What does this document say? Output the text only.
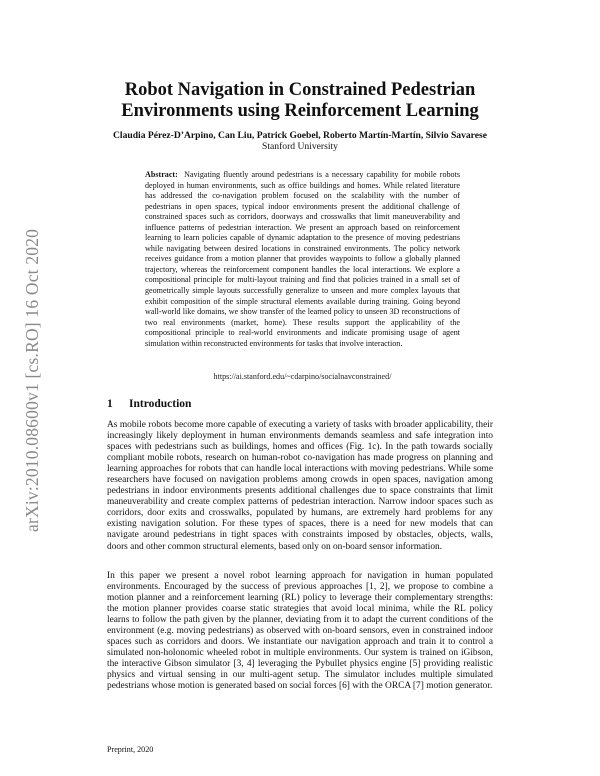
arXiv:2010.08600v1 [cs.RO] 16 Oct 2020
Robot Navigation in Constrained Pedestrian
Environments using Reinforcement Learning
Claudia Pérez-D’Arpino, Can Liu, Patrick Goebel, Roberto Martín-Martín, Silvio Savarese
Stanford University

Abstract: Navigating fluently around pedestrians is a necessary capability for mobile robots deployed in human environments, such as office buildings and homes. While related literature has addressed the co-navigation problem focused on the scalability with the number of pedestrians in open spaces, typical indoor environments present the additional challenge of constrained spaces such as corridors, doorways and crosswalks that limit maneuverability and influence patterns of pedestrian interaction. We present an approach based on reinforcement learning to learn policies capable of dynamic adaptation to the presence of moving pedestrians while navigating between desired locations in constrained environments. The policy network receives guidance from a motion planner that provides waypoints to follow a globally planned trajectory, whereas the reinforcement component handles the local interactions. We explore a compositional principle for multi-layout training and find that policies trained in a small set of geometrically simple layouts successfully generalize to unseen and more complex layouts that exhibit composition of the simple structural elements available during training. Going beyond wall-world like domains, we show transfer of the learned policy to unseen 3D reconstructions of two real environments (market, home). These results support the applicability of the compositional principle to real-world environments and indicate promising usage of agent simulation within reconstructed environments for tasks that involve interaction.

https://ai.stanford.edu/~cdarpino/socialnavconstrained/
1 Introduction

As mobile robots become more capable of executing a variety of tasks with broader applicability, their increasingly likely deployment in human environments demands seamless and safe integration into spaces with pedestrians such as buildings, homes and offices (Fig. 1c). In the path towards socially compliant mobile robots, research on human-robot co-navigation has made progress on planning and learning approaches for robots that can handle local interactions with moving pedestrians. While some researchers have focused on navigation problems among crowds in open spaces, navigation among pedestrians in indoor environments presents additional challenges due to space constraints that limit maneuverability and create complex patterns of pedestrian interaction. Narrow indoor spaces such as corridors, door exits and crosswalks, populated by humans, are extremely hard problems for any existing navigation solution. For these types of spaces, there is a need for new models that can navigate around pedestrians in tight spaces with constraints imposed by obstacles, objects, walls, doors and other common structural elements, based only on on-board sensor information.

In this paper we present a novel robot learning approach for navigation in human populated environments. Encouraged by the success of previous approaches [1, 2], we propose to combine a motion planner and a reinforcement learning (RL) policy to leverage their complementary strengths: the motion planner provides coarse static strategies that avoid local minima, while the RL policy learns to follow the path given by the planner, deviating from it to adapt the current conditions of the environment (e.g. moving pedestrians) as observed with on-board sensors, even in constrained indoor spaces such as corridors and doors. We instantiate our navigation approach and train it to control a simulated non-holonomic wheeled robot in multiple environments. Our system is trained on iGibson, the interactive Gibson simulator [3, 4] leveraging the Pybullet physics engine [5] providing realistic physics and virtual sensing in our multi-agent setup. The simulator includes multiple simulated pedestrians whose motion is generated based on social forces [6] with the ORCA [7] motion generator.

Preprint, 2020
